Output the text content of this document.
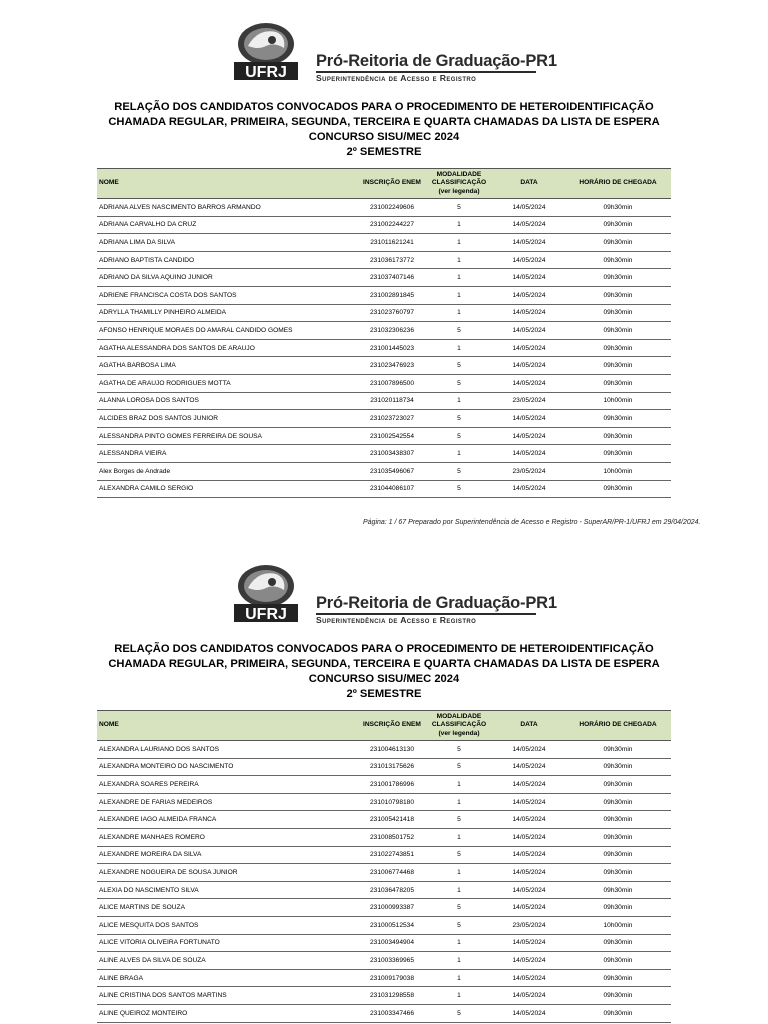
UFRJ
Pró-Reitoria de Graduação-PR1
Superintendência de Acesso e Registro
RELAÇÃO DOS CANDIDATOS CONVOCADOS PARA O PROCEDIMENTO DE HETEROIDENTIFICAÇÃO
CHAMADA REGULAR, PRIMEIRA, SEGUNDA, TERCEIRA E QUARTA CHAMADAS DA LISTA DE ESPERA
CONCURSO SISU/MEC 2024
2º SEMESTRE
NOME	INSCRIÇÃO ENEM	MODALIDADE CLASSIFICAÇÃO (ver legenda)	DATA	HORÁRIO DE CHEGADA
ADRIANA ALVES NASCIMENTO BARROS ARMANDO	231002249606	5	14/05/2024	09h30min
ADRIANA CARVALHO DA CRUZ	231002244227	1	14/05/2024	09h30min
ADRIANA LIMA DA SILVA	231011621241	1	14/05/2024	09h30min
ADRIANO BAPTISTA CANDIDO	231036173772	1	14/05/2024	09h30min
ADRIANO DA SILVA AQUINO JUNIOR	231037407146	1	14/05/2024	09h30min
ADRIENE FRANCISCA COSTA DOS SANTOS	231002891845	1	14/05/2024	09h30min
ADRYLLA THAMILLY PINHEIRO ALMEIDA	231023760797	1	14/05/2024	09h30min
AFONSO HENRIQUE MORAES DO AMARAL CANDIDO GOMES	231032306236	5	14/05/2024	09h30min
AGATHA ALESSANDRA DOS SANTOS DE ARAUJO	231001445023	1	14/05/2024	09h30min
AGATHA BARBOSA LIMA	231023476923	5	14/05/2024	09h30min
AGATHA DE ARAUJO RODRIGUES MOTTA	231007896500	5	14/05/2024	09h30min
ALANNA LOROSA DOS SANTOS	231020118734	1	23/05/2024	10h00min
ALCIDES BRAZ DOS SANTOS JUNIOR	231023723027	5	14/05/2024	09h30min
ALESSANDRA PINTO GOMES FERREIRA DE SOUSA	231002542554	5	14/05/2024	09h30min
ALESSANDRA VIEIRA	231003438307	1	14/05/2024	09h30min
Alex Borges de Andrade	231035496067	5	23/05/2024	10h00min
ALEXANDRA CAMILO SERGIO	231044086107	5	14/05/2024	09h30min
Página: 1 / 67 Preparado por Superintendência de Acesso e Registro - SuperAR/PR-1/UFRJ em 29/04/2024.
UFRJ
Pró-Reitoria de Graduação-PR1
Superintendência de Acesso e Registro
RELAÇÃO DOS CANDIDATOS CONVOCADOS PARA O PROCEDIMENTO DE HETEROIDENTIFICAÇÃO
CHAMADA REGULAR, PRIMEIRA, SEGUNDA, TERCEIRA E QUARTA CHAMADAS DA LISTA DE ESPERA
CONCURSO SISU/MEC 2024
2º SEMESTRE
NOME	INSCRIÇÃO ENEM	MODALIDADE CLASSIFICAÇÃO (ver legenda)	DATA	HORÁRIO DE CHEGADA
ALEXANDRA LAURIANO DOS SANTOS	231004613130	5	14/05/2024	09h30min
ALEXANDRA MONTEIRO DO NASCIMENTO	231013175626	5	14/05/2024	09h30min
ALEXANDRA SOARES PEREIRA	231001786996	1	14/05/2024	09h30min
ALEXANDRE DE FARIAS MEDEIROS	231010798180	1	14/05/2024	09h30min
ALEXANDRE IAGO ALMEIDA FRANCA	231005421418	5	14/05/2024	09h30min
ALEXANDRE MANHAES ROMERO	231008501752	1	14/05/2024	09h30min
ALEXANDRE MOREIRA DA SILVA	231022743851	5	14/05/2024	09h30min
ALEXANDRE NOGUEIRA DE SOUSA JUNIOR	231006774468	1	14/05/2024	09h30min
ALEXIA DO NASCIMENTO SILVA	231036478205	1	14/05/2024	09h30min
ALICE MARTINS DE SOUZA	231000993387	5	14/05/2024	09h30min
ALICE MESQUITA DOS SANTOS	231000512534	5	23/05/2024	10h00min
ALICE VITORIA OLIVEIRA FORTUNATO	231003494904	1	14/05/2024	09h30min
ALINE ALVES DA SILVA DE SOUZA	231003369965	1	14/05/2024	09h30min
ALINE BRAGA	231009179038	1	14/05/2024	09h30min
ALINE CRISTINA DOS SANTOS MARTINS	231031298558	1	14/05/2024	09h30min
ALINE QUEIROZ MONTEIRO	231003347466	5	14/05/2024	09h30min
